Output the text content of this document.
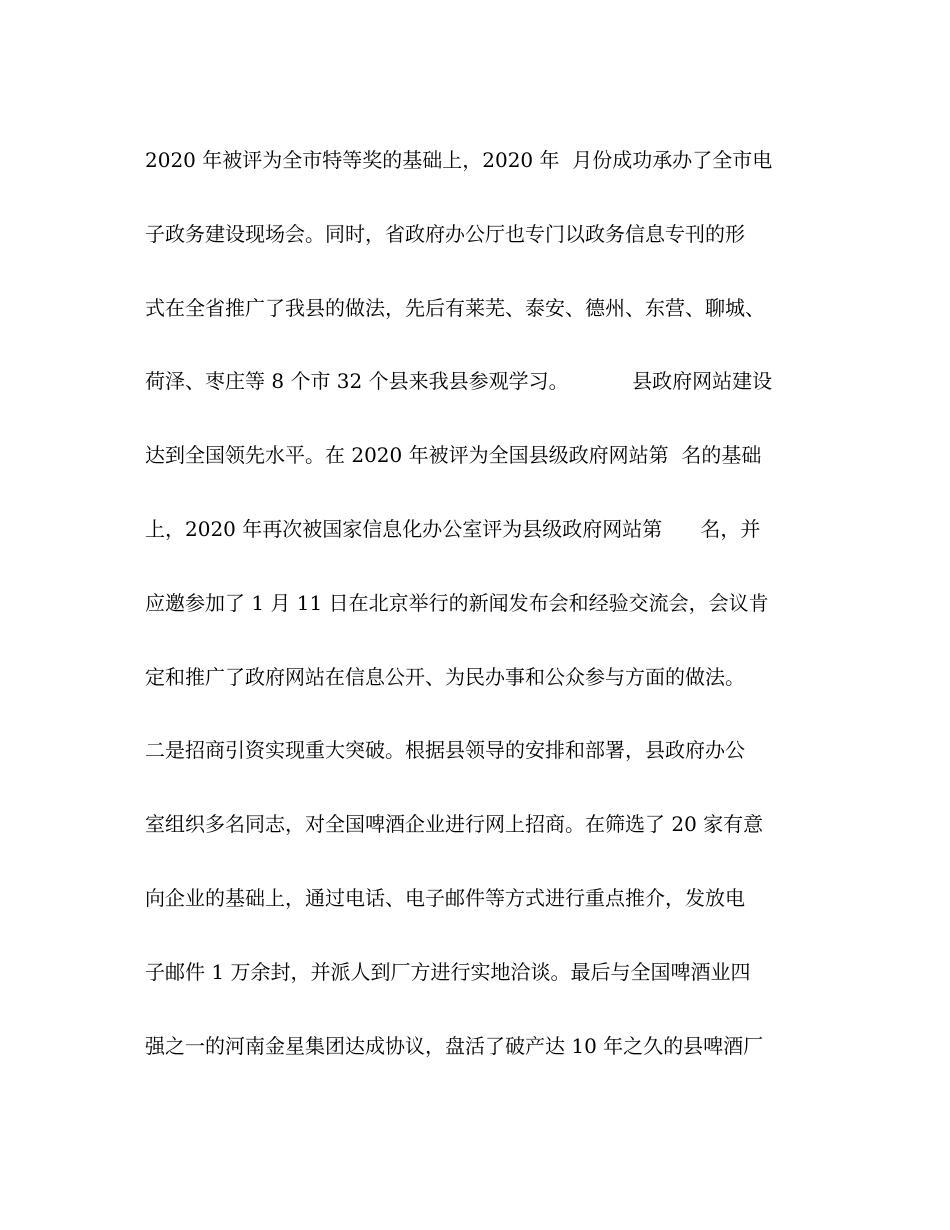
2020 年被评为全市特等奖的基础上，2020 年  月份成功承办了全市电
子政务建设现场会。同时，省政府办公厅也专门以政务信息专刊的形
式在全省推广了我县的做法，先后有莱芜、泰安、德州、东营、聊城、
荷泽、枣庄等 8 个市 32 个县来我县参观学习。          县政府网站建设
达到全国领先水平。在 2020 年被评为全国县级政府网站第  名的基础
上，2020 年再次被国家信息化办公室评为县级政府网站第      名，并
应邀参加了 1 月 11 日在北京举行的新闻发布会和经验交流会，会议肯
定和推广了政府网站在信息公开、为民办事和公众参与方面的做法。
二是招商引资实现重大突破。根据县领导的安排和部署，县政府办公
室组织多名同志，对全国啤酒企业进行网上招商。在筛选了 20 家有意
向企业的基础上，通过电话、电子邮件等方式进行重点推介，发放电
子邮件 1 万余封，并派人到厂方进行实地洽谈。最后与全国啤酒业四
强之一的河南金星集团达成协议，盘活了破产达 10 年之久的县啤酒厂
